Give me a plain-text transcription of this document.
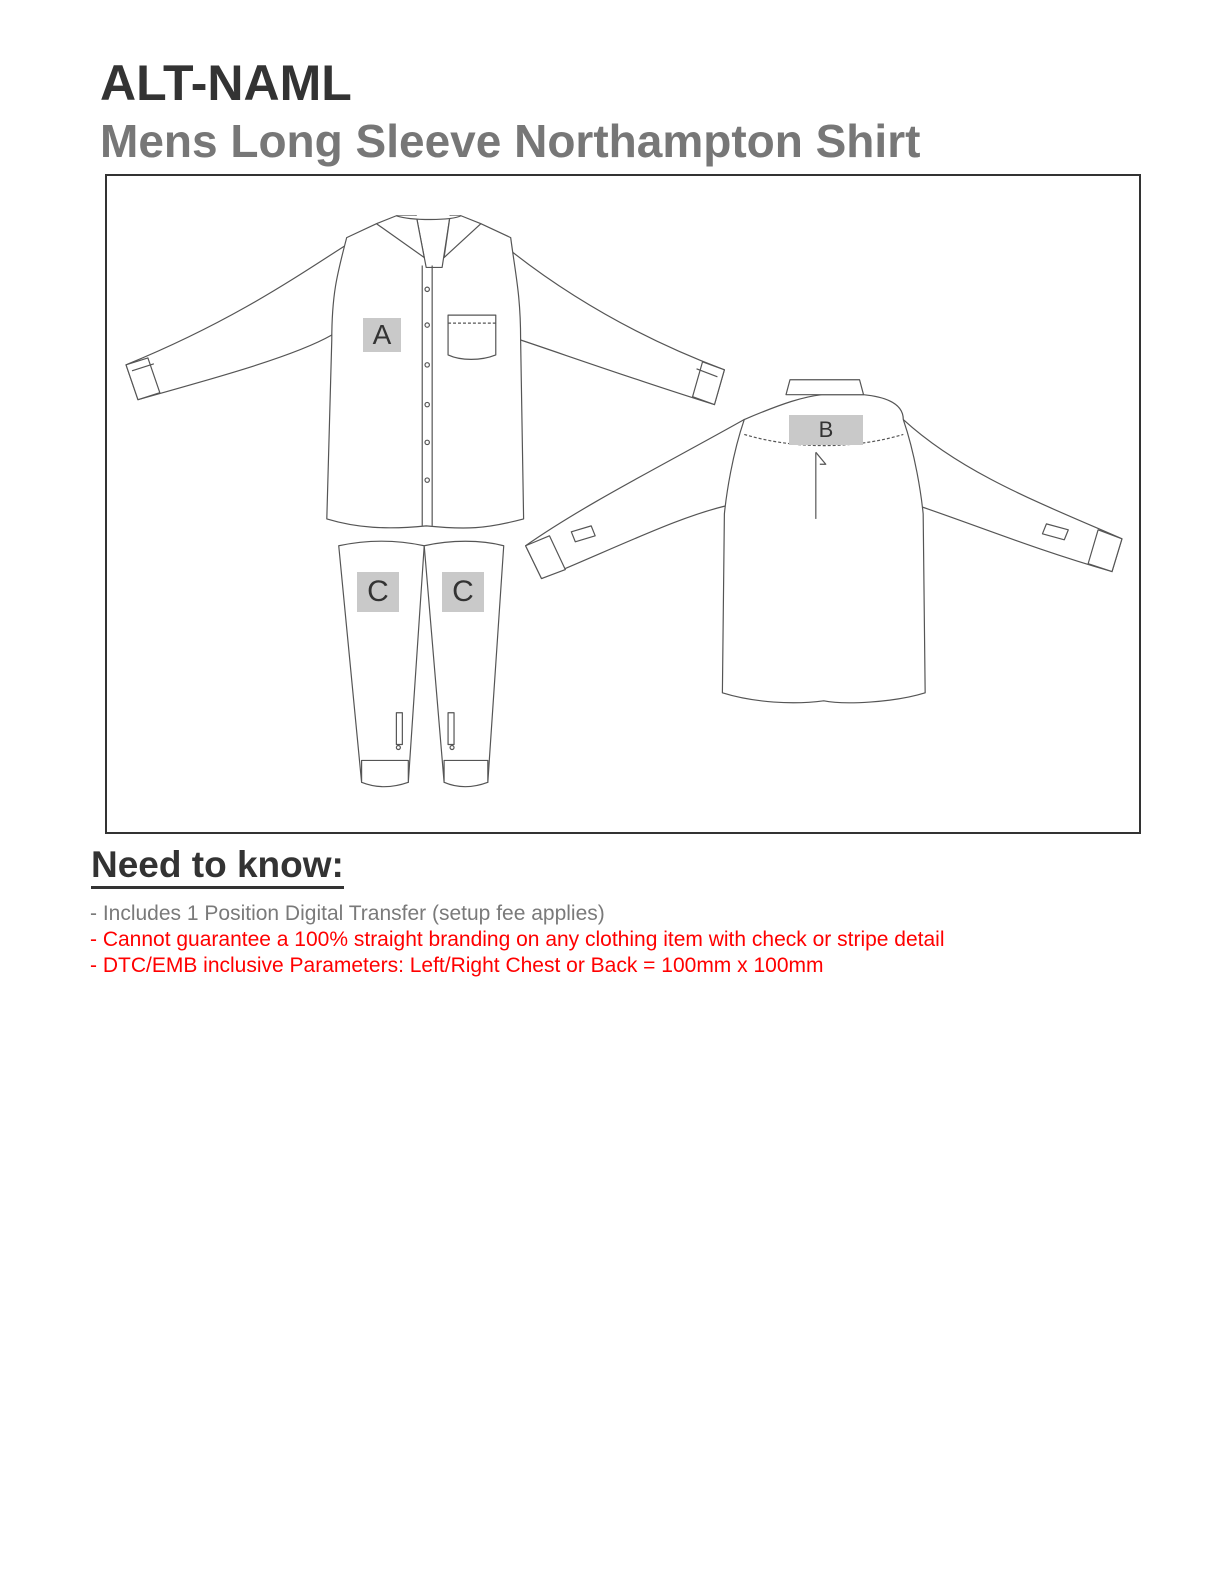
ALT-NAML
Mens Long Sleeve Northampton Shirt
A
B
C	C
Need to know:
- Includes 1 Position Digital Transfer (setup fee applies)
- Cannot guarantee a 100% straight branding on any clothing item with check or stripe detail
- DTC/EMB inclusive Parameters: Left/Right Chest or Back = 100mm x 100mm
